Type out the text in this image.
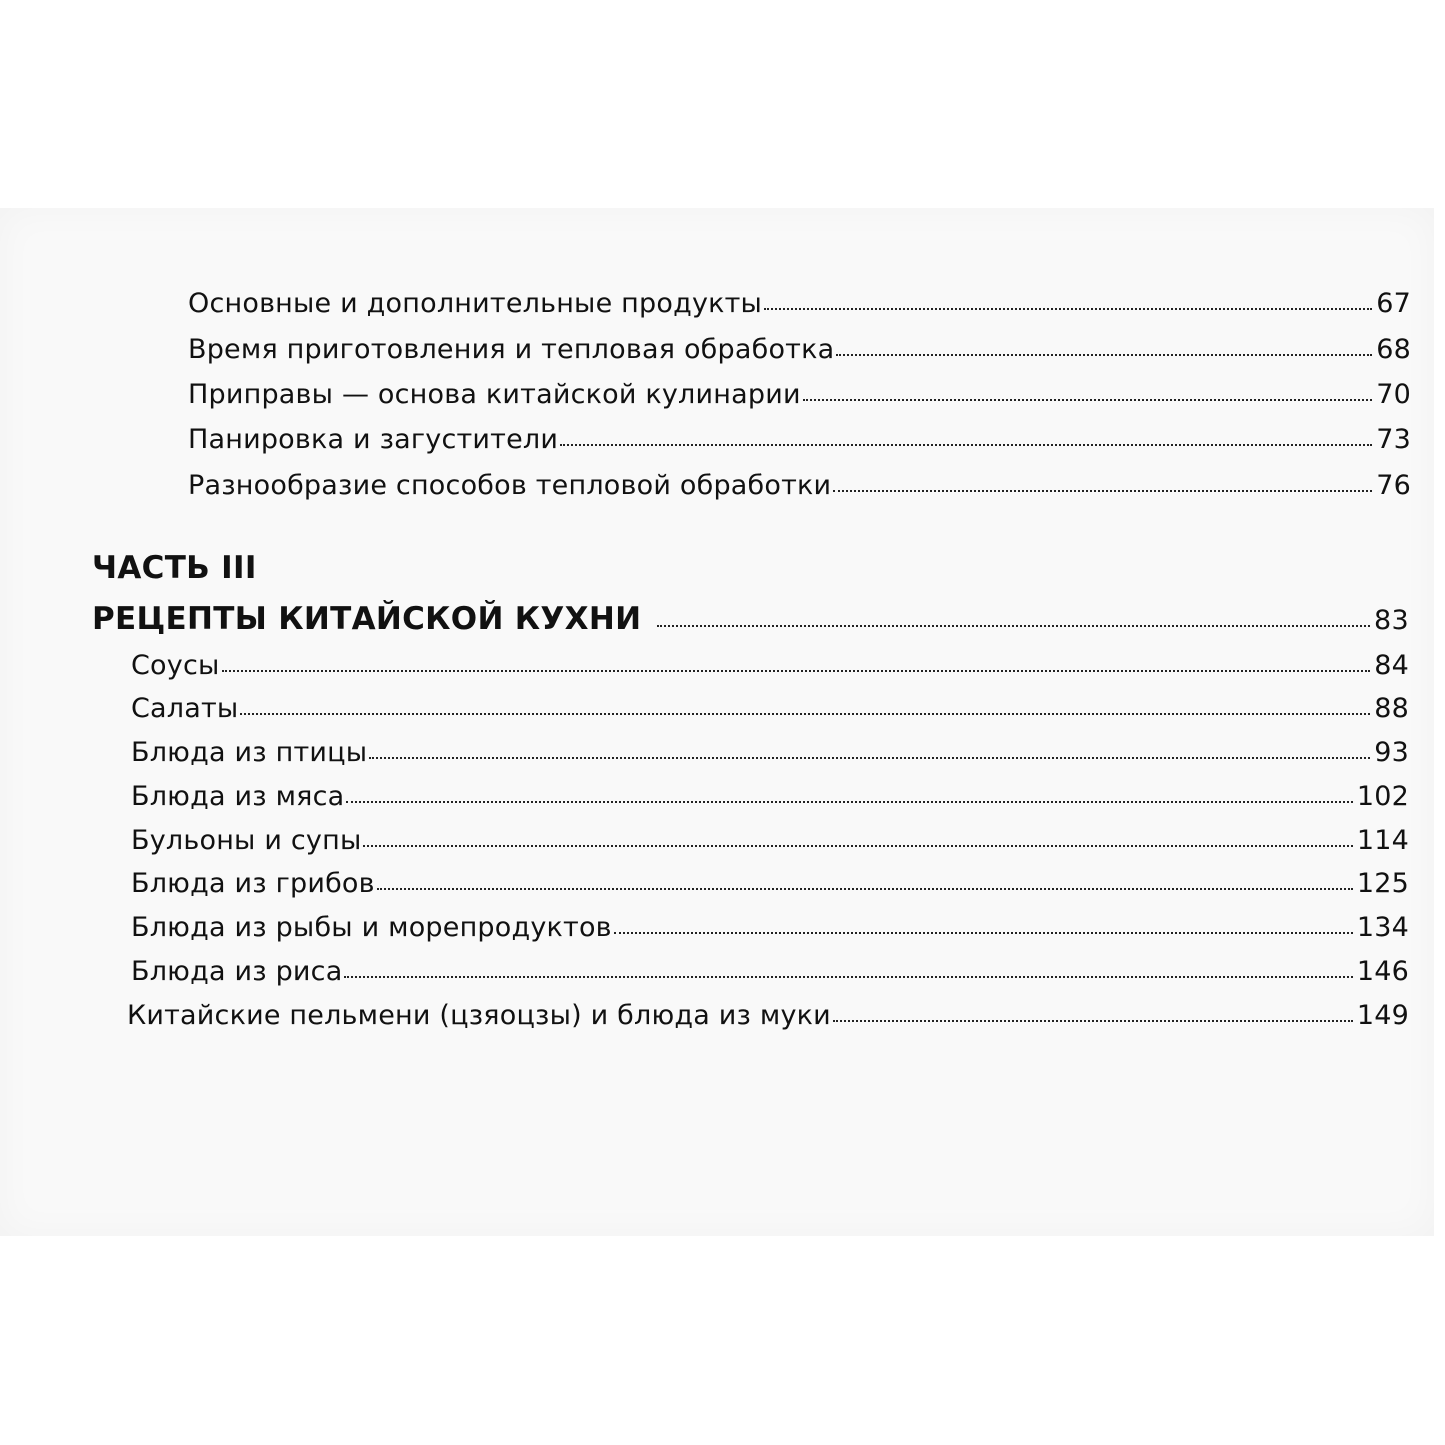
Основные и дополнительные продукты	67
Время приготовления и тепловая обработка	68
Приправы — основа китайской кулинарии	70
Панировка и загустители	73
Разнообразие способов тепловой обработки	76
ЧАСТЬ III
РЕЦЕПТЫ КИТАЙСКОЙ КУХНИ	83
Соусы	84
Салаты	88
Блюда из птицы	93
Блюда из мяса	102
Бульоны и супы	114
Блюда из грибов	125
Блюда из рыбы и морепродуктов	134
Блюда из риса	146
Китайские пельмени (цзяоцзы) и блюда из муки	149
